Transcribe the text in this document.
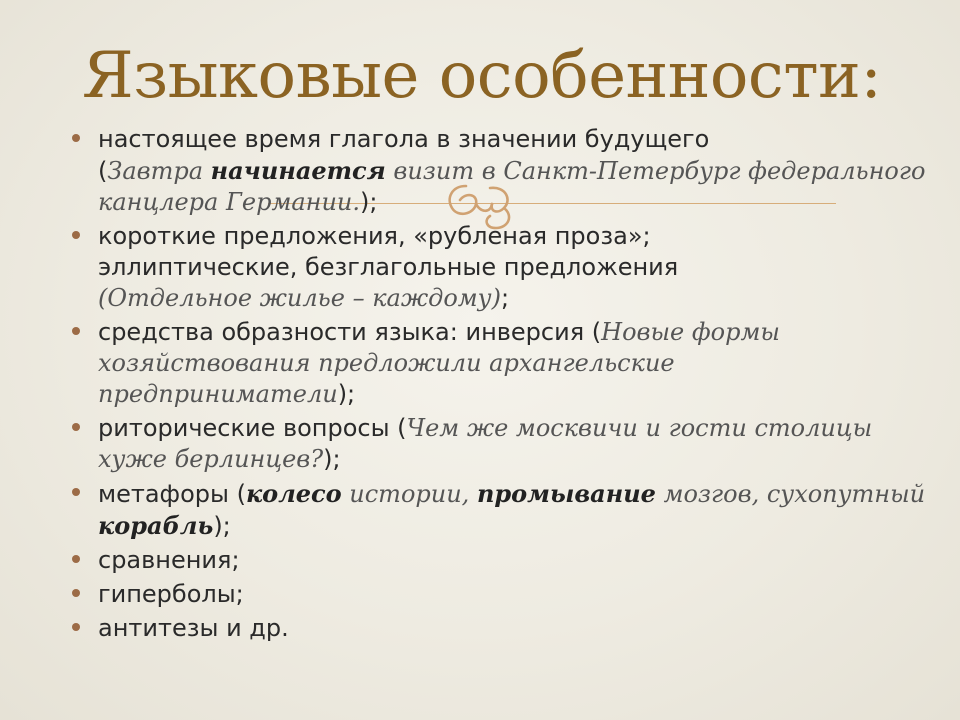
Языковые особенности:
настоящее время глагола в значении будущего
(Завтра начинается визит в Санкт-Петербург федерального канцлера Германии.);
короткие предложения, «рубленая проза»;
эллиптические, безглагольные предложения
(Отдельное жилье – каждому);
средства образности языка: инверсия (Новые формы хозяйствования предложили архангельские предприниматели);
риторические вопросы (Чем же москвичи и гости столицы хуже берлинцев?);
метафоры (колесо истории, промывание мозгов, сухопутный корабль);
сравнения;
гиперболы;
антитезы и др.
